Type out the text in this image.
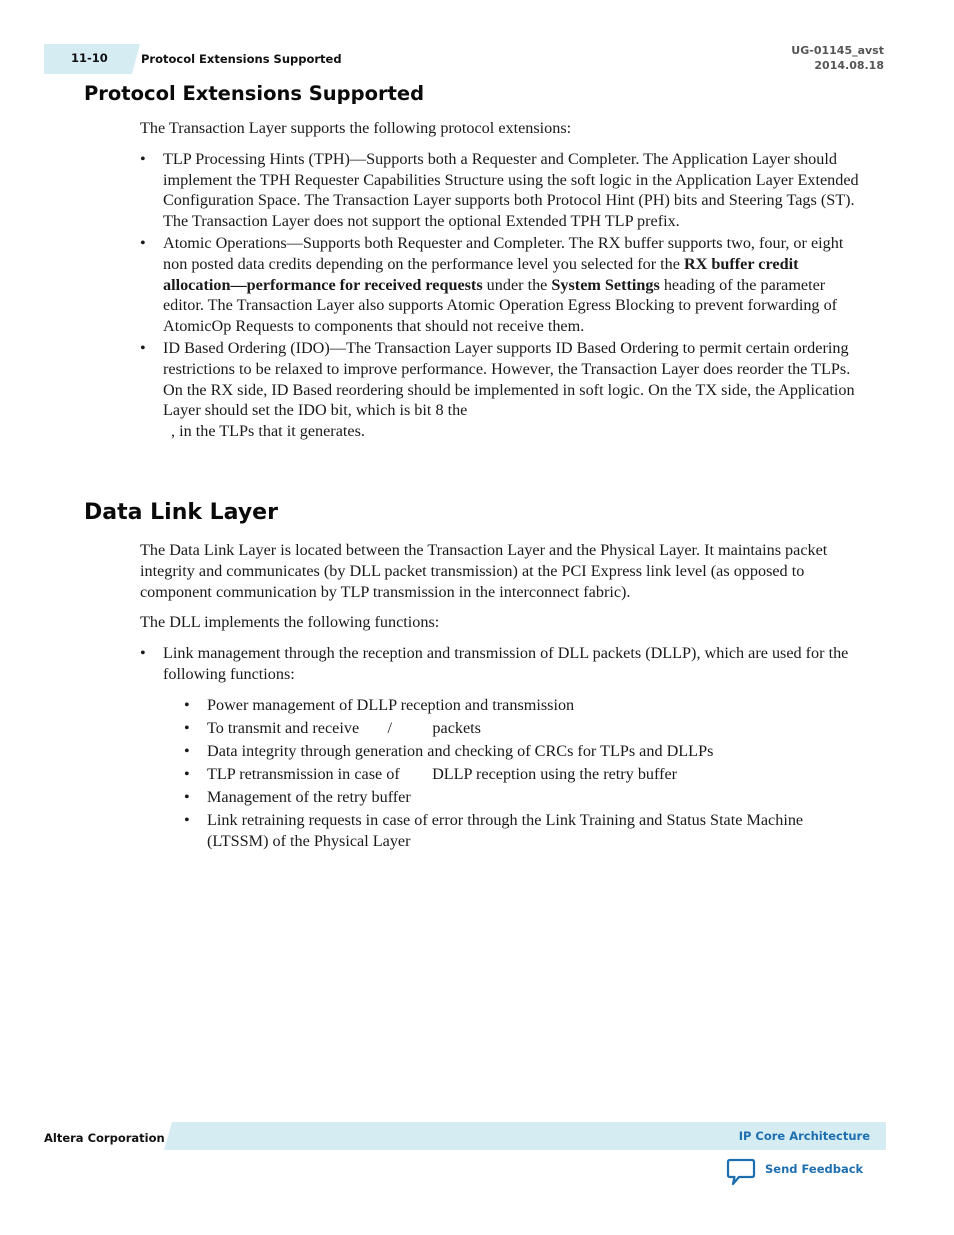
11-10	Protocol Extensions Supported
UG-01145_avst
2014.08.18
Protocol Extensions Supported

The Transaction Layer supports the following protocol extensions:

• TLP Processing Hints (TPH)—Supports both a Requester and Completer. The Application Layer should implement the TPH Requester Capabilities Structure using the soft logic in the Application Layer Extended Configuration Space. The Transaction Layer supports both Protocol Hint (PH) bits and Steering Tags (ST). The Transaction Layer does not support the optional Extended TPH TLP prefix.
• Atomic Operations—Supports both Requester and Completer. The RX buffer supports two, four, or eight non posted data credits depending on the performance level you selected for the RX buffer credit allocation—performance for received requests under the System Settings heading of the parameter editor. The Transaction Layer also supports Atomic Operation Egress Blocking to prevent forwarding of AtomicOp Requests to components that should not receive them.
• ID Based Ordering (IDO)—The Transaction Layer supports ID Based Ordering to permit certain ordering restrictions to be relaxed to improve performance. However, the Transaction Layer does reorder the TLPs. On the RX side, ID Based reordering should be implemented in soft logic. On the TX side, the Application Layer should set the IDO bit, which is bit 8 the
, in the TLPs that it generates.
Data Link Layer

The Data Link Layer is located between the Transaction Layer and the Physical Layer. It maintains packet integrity and communicates (by DLL packet transmission) at the PCI Express link level (as opposed to component communication by TLP transmission in the interconnect fabric).

The DLL implements the following functions:

• Link management through the reception and transmission of DLL packets (DLLP), which are used for the following functions:
• Power management of DLLP reception and transmission
• To transmit and receive       /          packets
• Data integrity through generation and checking of CRCs for TLPs and DLLPs
• TLP retransmission in case of        DLLP reception using the retry buffer
• Management of the retry buffer
• Link retraining requests in case of error through the Link Training and Status State Machine (LTSSM) of the Physical Layer
Altera Corporation	IP Core Architecture
Send Feedback
